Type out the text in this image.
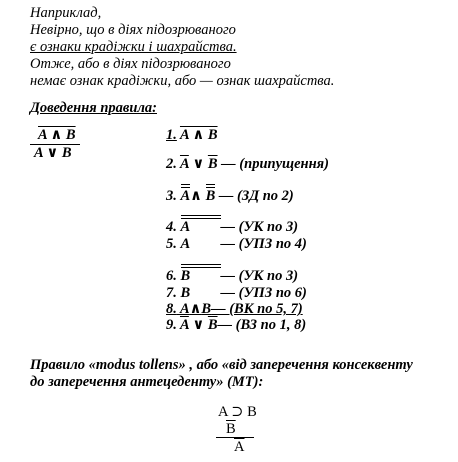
Наприклад,
Невірно, що в діях підозрюваного
є ознаки крадіжки і шахрайства.
Отже, або в діях підозрюваного
немає ознак крадіжки, або — ознак шахрайства.
Доведення правила:
A ∧ B
$\overline{A}$ ∨ $\overline{B}$
1. A ∧ B
2. $\overline{A}$ ∨ $\overline{B}$ — (припущення)
3. A∧ B — (ЗД по 2)
4. A — (УК по 3)
5. A — (УПЗ по 4)
6. B — (УК по 3)
7. B — (УПЗ по 6)
8. A∧B— (ВК по 5, 7)
9. $\overline{A}$ ∨ $\overline{B}—$ (ВЗ по 1, 8)
Правило «modus tollens» , або «від заперечення консеквенту
до заперечення антецеденту» (МТ):
A ⊃ B
$\overline{B}$
$\overline{A}$
